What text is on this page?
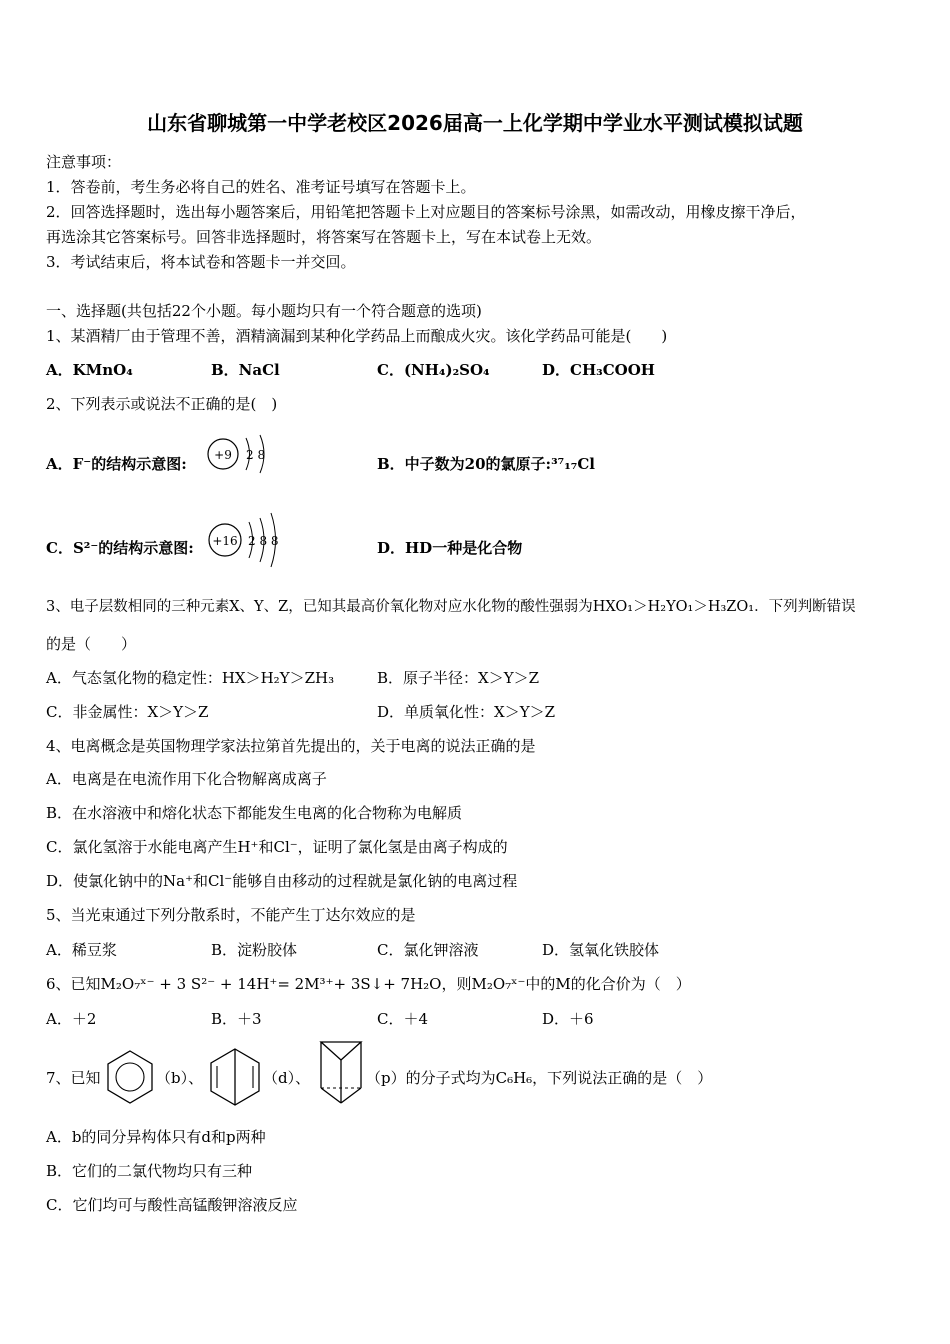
山东省聊城第一中学老校区2026届高一上化学期中学业水平测试模拟试题
注意事项：
1．答卷前，考生务必将自己的姓名、准考证号填写在答题卡上。
2．回答选择题时，选出每小题答案后，用铅笔把答题卡上对应题目的答案标号涂黑，如需改动，用橡皮擦干净后，
再选涂其它答案标号。回答非选择题时，将答案写在答题卡上，写在本试卷上无效。
3．考试结束后，将本试卷和答题卡一并交回。
一、选择题(共包括22个小题。每小题均只有一个符合题意的选项)
1、某酒精厂由于管理不善，酒精滴漏到某种化学药品上而酿成火灾。该化学药品可能是(　　)
A．KMnO₄	B．NaCl	C．(NH₄)₂SO₄	D．CH₃COOH
2、下列表示或说法不正确的是(　)
A．F⁻的结构示意图: +9 2 8	B．中子数为20的氯原子:³⁷₁₇Cl
C．S²⁻的结构示意图: +16 2 8 8	D．HD一种是化合物
3、电子层数相同的三种元素X、Y、Z，已知其最高价氧化物对应水化物的酸性强弱为HXO₁＞H₂YO₁＞H₃ZO₁．下列判断错误
的是（　　）
A．气态氢化物的稳定性：HX＞H₂Y＞ZH₃	B．原子半径：X＞Y＞Z
C．非金属性：X＞Y＞Z	D．单质氧化性：X＞Y＞Z
4、电离概念是英国物理学家法拉第首先提出的，关于电离的说法正确的是
A．电离是在电流作用下化合物解离成离子
B．在水溶液中和熔化状态下都能发生电离的化合物称为电解质
C．氯化氢溶于水能电离产生H⁺和Cl⁻，证明了氯化氢是由离子构成的
D．使氯化钠中的Na⁺和Cl⁻能够自由移动的过程就是氯化钠的电离过程
5、当光束通过下列分散系时，不能产生丁达尔效应的是
A．稀豆浆	B．淀粉胶体	C．氯化钾溶液	D．氢氧化铁胶体
6、已知M₂O₇ˣ⁻ + 3 S²⁻ + 14H⁺= 2M³⁺+ 3S↓+ 7H₂O，则M₂O₇ˣ⁻中的M的化合价为（　）
A．＋2	B．＋3	C．＋4	D．＋6
7、已知	（b）、	（d）、	（p）的分子式均为C₆H₆，下列说法正确的是（　）
A．b的同分异构体只有d和p两种
B．它们的二氯代物均只有三种
C．它们均可与酸性高锰酸钾溶液反应
